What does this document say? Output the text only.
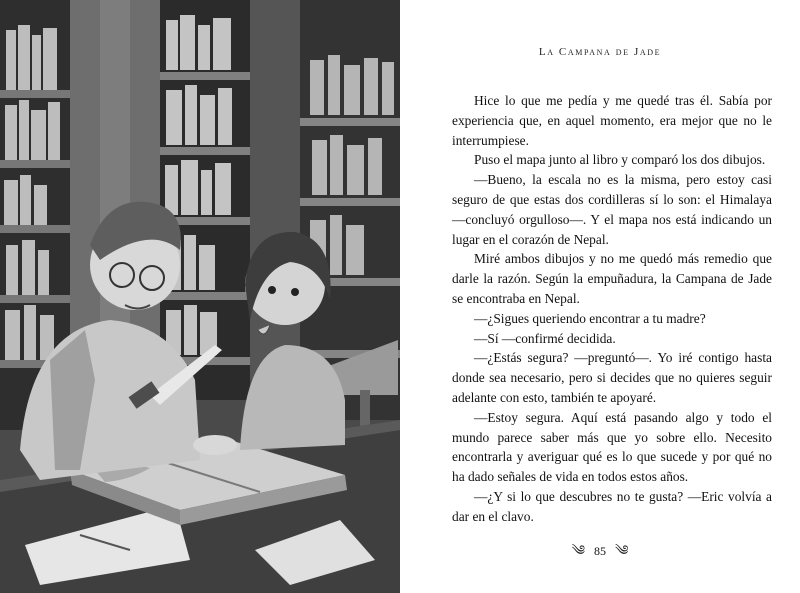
La Campana de Jade

Hice lo que me pedía y me quedé tras él. Sabía por experiencia que, en aquel momento, era mejor que no le interrumpiese.

Puso el mapa junto al libro y comparó los dos dibujos.

—Bueno, la escala no es la misma, pero estoy casi seguro de que estas dos cordilleras sí lo son: el Himalaya —concluyó orgulloso—. Y el mapa nos está indicando un lugar en el corazón de Nepal.

Miré ambos dibujos y no me quedó más remedio que darle la razón. Según la empuñadura, la Campana de Jade se encontraba en Nepal.

—¿Sigues queriendo encontrar a tu madre?

—Sí —confirmé decidida.

—¿Estás segura? —preguntó—. Yo iré contigo hasta donde sea necesario, pero si decides que no quieres seguir adelante con esto, también te apoyaré.

—Estoy segura. Aquí está pasando algo y todo el mundo parece saber más que yo sobre ello. Necesito encontrarla y averiguar qué es lo que sucede y por qué no ha dado señales de vida en todos estos años.

—¿Y si lo que descubres no te gusta? —Eric volvía a dar en el clavo.

༄ 85 ༄
